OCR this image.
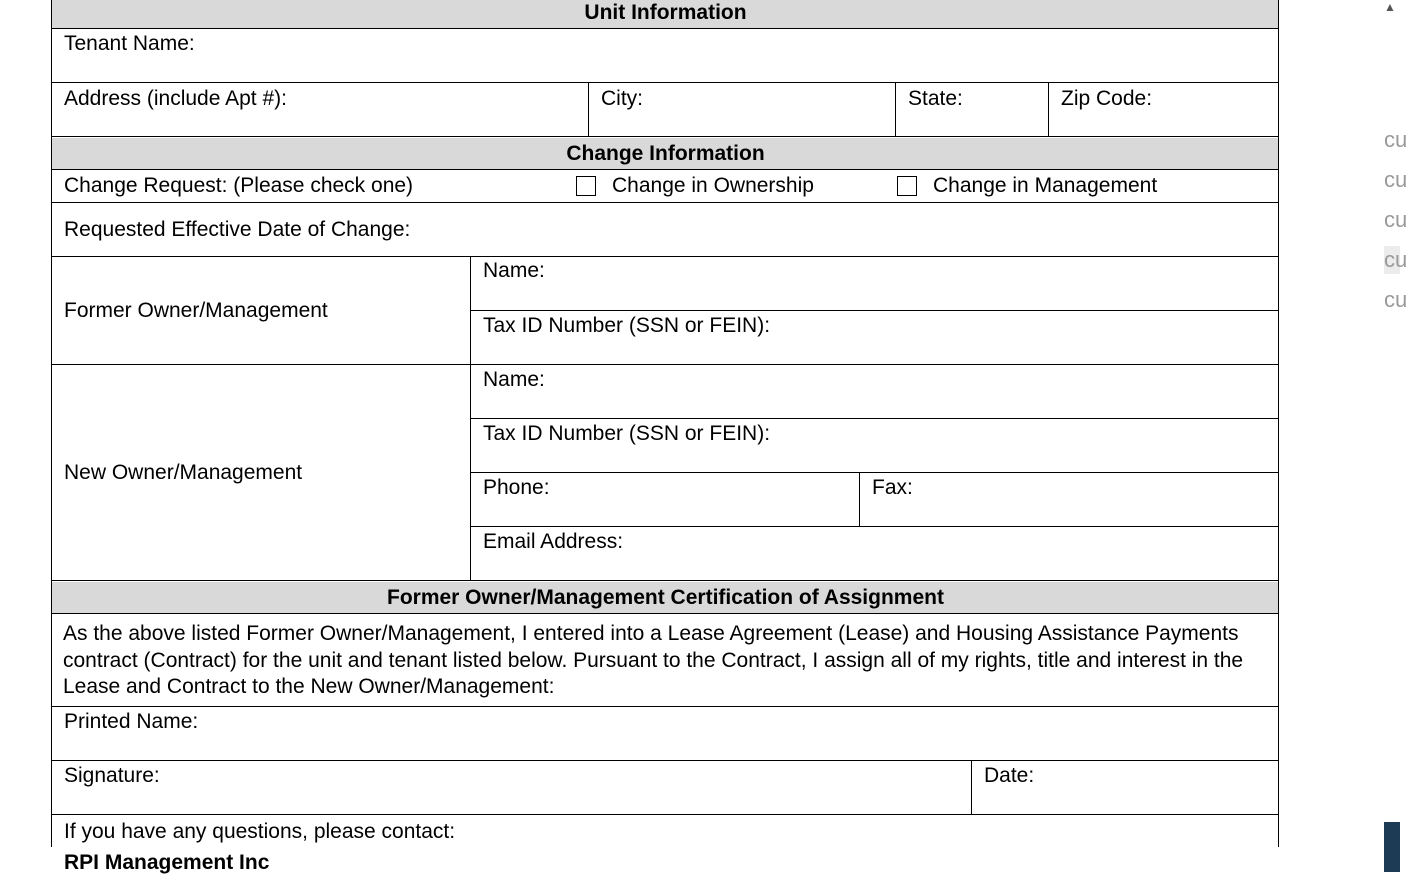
Unit Information
Tenant Name:
Address (include Apt #):	City:	State:	Zip Code:
Change Information
Change Request: (Please check one)	Change in Ownership	Change in Management
Requested Effective Date of Change:
Former Owner/Management
Name:
Tax ID Number (SSN or FEIN):
New Owner/Management
Name:
Tax ID Number (SSN or FEIN):
Phone:	Fax:
Email Address:
Former Owner/Management Certification of Assignment
As the above listed Former Owner/Management, I entered into a Lease Agreement (Lease) and Housing Assistance Payments contract (Contract) for the unit and tenant listed below. Pursuant to the Contract, I assign all of my rights, title and interest in the Lease and Contract to the New Owner/Management:
Printed Name:
Signature:	Date:
If you have any questions, please contact:
RPI Management Inc
▲
cu
cu
cu
cu
cu
